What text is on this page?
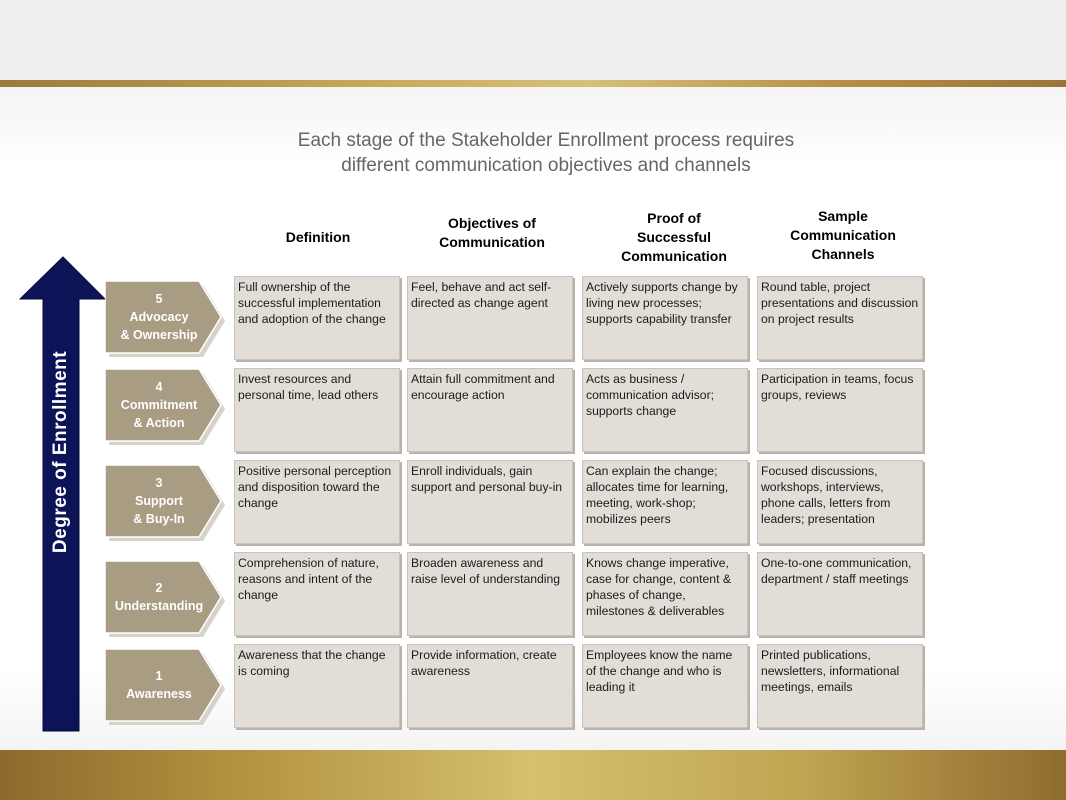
Each stage of the Stakeholder Enrollment process requires
different communication objectives and channels
Definition
Objectives of
Communication
Proof of
Successful
Communication
Sample
Communication
Channels
Degree of Enrollment
5
Advocacy
& Ownership
4
Commitment
& Action
3
Support
& Buy-In
2
Understanding
1
Awareness
Full ownership of the successful implementation and adoption of the change
Feel, behave and act self-directed as change agent
Actively supports change by living new processes; supports capability transfer
Round table, project presentations and discussion on project results
Invest resources and personal time, lead others
Attain full commitment and encourage action
Acts as business / communication advisor; supports change
Participation in teams, focus groups, reviews
Positive personal perception and disposition toward the change
Enroll individuals, gain support and personal buy-in
Can explain the change; allocates time for learning, meeting, work-shop; mobilizes peers
Focused discussions, workshops, interviews, phone calls, letters from leaders; presentation
Comprehension of nature, reasons and intent of the change
Broaden awareness and raise level of understanding
Knows change imperative, case for change, content & phases of change, milestones & deliverables
One-to-one communication, department / staff meetings
Awareness that the change is coming
Provide information, create awareness
Employees know the name of the change and who is leading it
Printed publications, newsletters, informational meetings, emails
